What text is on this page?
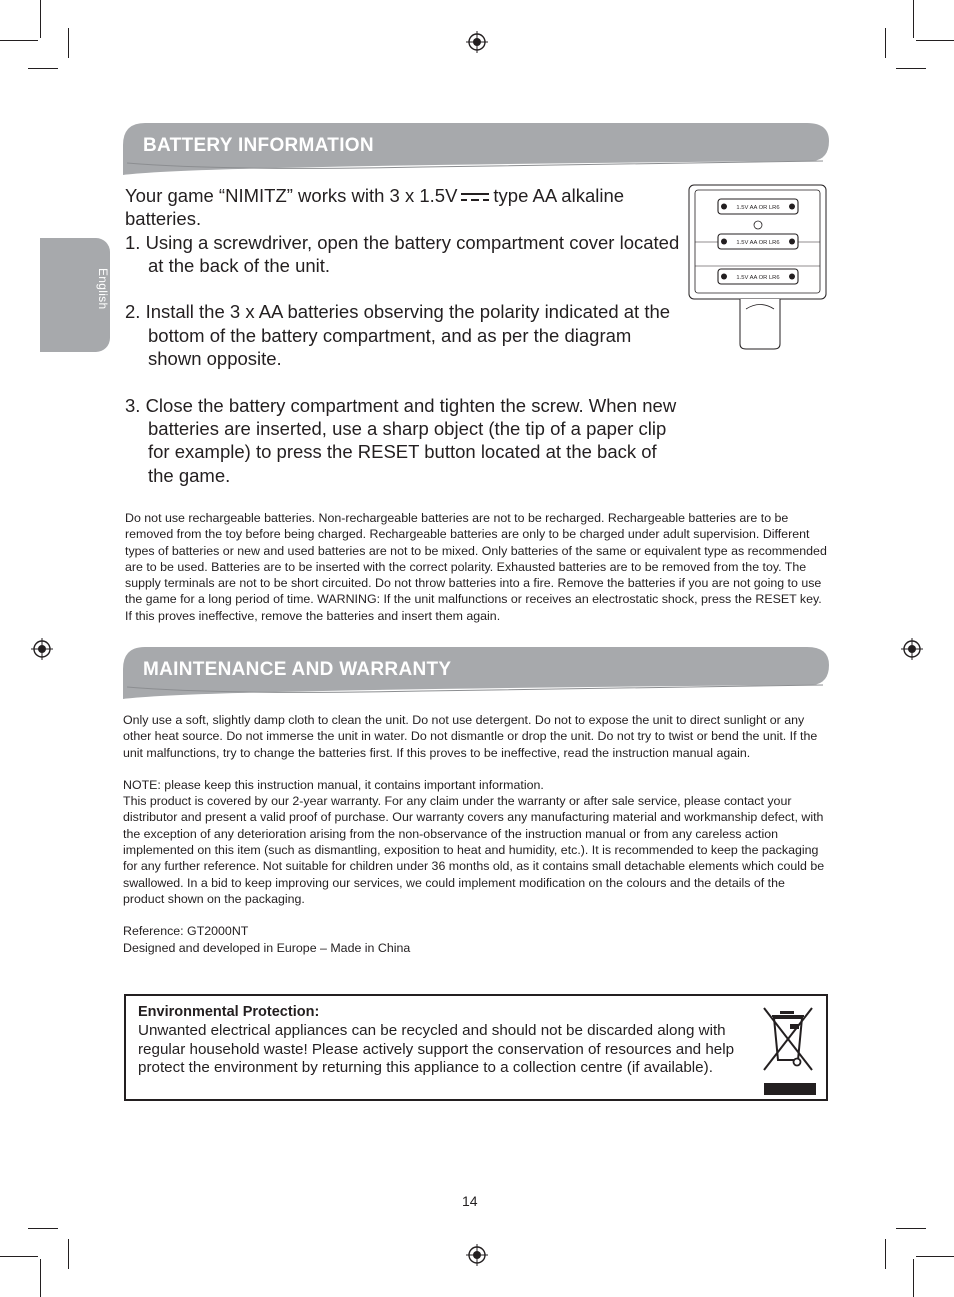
English
BATTERY INFORMATION

Your game “NIMITZ” works with 3 x 1.5V type AA alkaline batteries.

1. Using a screwdriver, open the battery compartment cover located at the back of the unit.

2. Install the 3 x AA batteries observing the polarity indicated at the bottom of the battery compartment, and as per the diagram shown opposite.

3. Close the battery compartment and tighten the screw. When new batteries are inserted, use a sharp object (the tip of a paper clip for example) to press the RESET button located at the back of the game.

1.5V AA OR LR6
1.5V AA OR LR6
1.5V AA OR LR6

Do not use rechargeable batteries. Non-rechargeable batteries are not to be recharged. Rechargeable batteries are to be removed from the toy before being charged. Rechargeable batteries are only to be charged under adult supervision. Different types of batteries or new and used batteries are not to be mixed. Only batteries of the same or equivalent type as recommended are to be used. Batteries are to be inserted with the correct polarity. Exhausted batteries are to be removed from the toy. The supply terminals are not to be short circuited. Do not throw batteries into a fire. Remove the batteries if you are not going to use the game for a long period of time. WARNING: If the unit malfunctions or receives an electrostatic shock, press the RESET key. If this proves ineffective, remove the batteries and insert them again.

MAINTENANCE AND WARRANTY

Only use a soft, slightly damp cloth to clean the unit. Do not use detergent. Do not to expose the unit to direct sunlight or any other heat source. Do not immerse the unit in water. Do not dismantle or drop the unit. Do not try to twist or bend the unit. If the unit malfunctions, try to change the batteries first. If this proves to be ineffective, read the instruction manual again.

NOTE: please keep this instruction manual, it contains important information.

This product is covered by our 2-year warranty. For any claim under the warranty or after sale service, please contact your distributor and present a valid proof of purchase. Our warranty covers any manufacturing material and workmanship defect, with the exception of any deterioration arising from the non-observance of the instruction manual or from any careless action implemented on this item (such as dismantling, exposition to heat and humidity, etc.). It is recommended to keep the packaging for any further reference. Not suitable for children under 36 months old, as it contains small detachable elements which could be swallowed. In a bid to keep improving our services, we could implement modification on the colours and the details of the product shown on the packaging.

Reference: GT2000NT

Designed and developed in Europe – Made in China

Environmental Protection:
Unwanted electrical appliances can be recycled and should not be discarded along with regular household waste! Please actively support the conservation of resources and help protect the environment by returning this appliance to a collection centre (if available).
14
